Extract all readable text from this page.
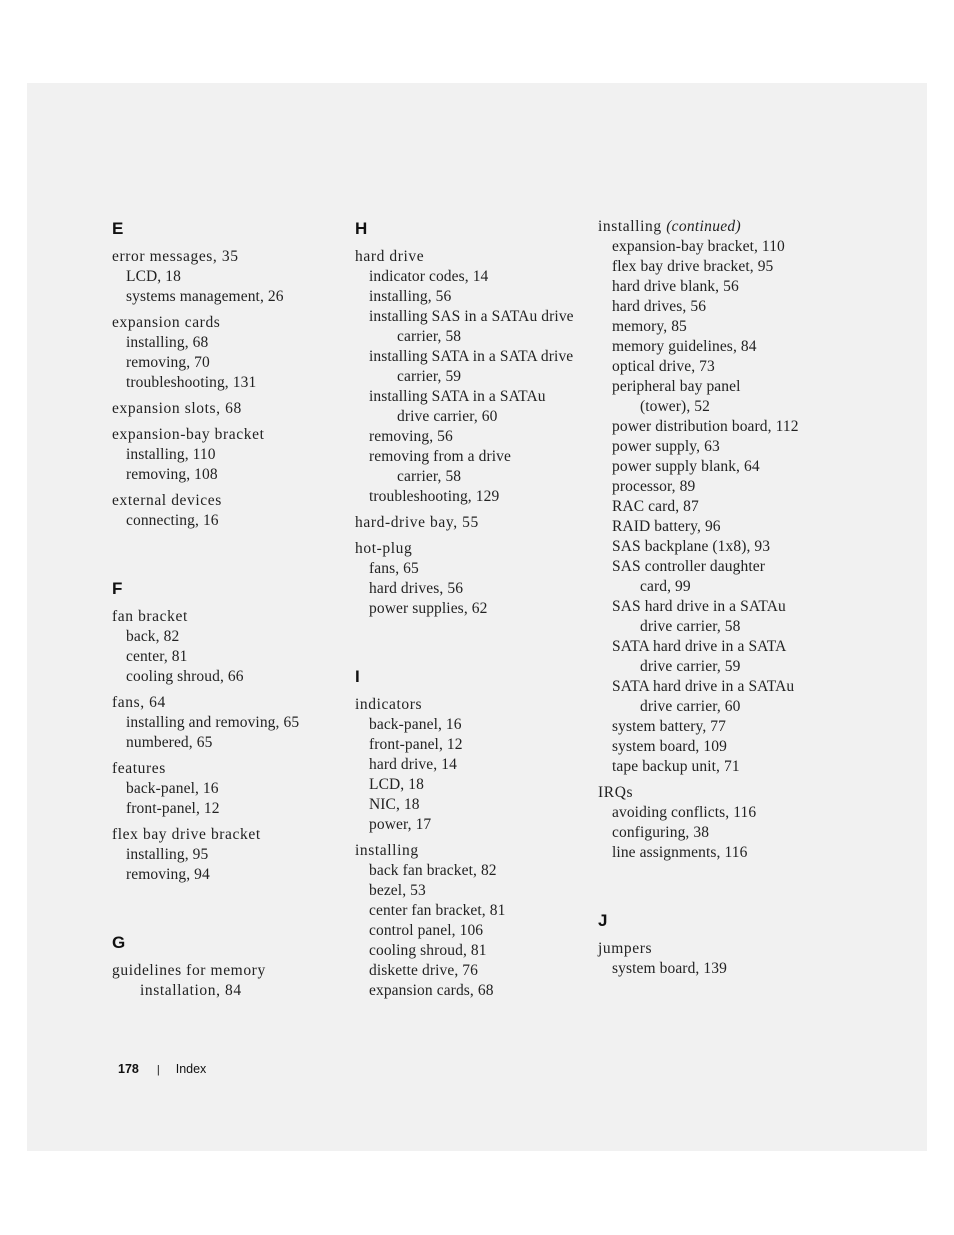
E
error messages, 35
LCD, 18
systems management, 26
expansion cards
installing, 68
removing, 70
troubleshooting, 131
expansion slots, 68
expansion-bay bracket
installing, 110
removing, 108
external devices
connecting, 16
F
fan bracket
back, 82
center, 81
cooling shroud, 66
fans, 64
installing and removing, 65
numbered, 65
features
back-panel, 16
front-panel, 12
flex bay drive bracket
installing, 95
removing, 94
G
guidelines for memory
installation, 84
H
hard drive
indicator codes, 14
installing, 56
installing SAS in a SATAu drive
carrier, 58
installing SATA in a SATA drive
carrier, 59
installing SATA in a SATAu
drive carrier, 60
removing, 56
removing from a drive
carrier, 58
troubleshooting, 129
hard-drive bay, 55
hot-plug
fans, 65
hard drives, 56
power supplies, 62
I
indicators
back-panel, 16
front-panel, 12
hard drive, 14
LCD, 18
NIC, 18
power, 17
installing
back fan bracket, 82
bezel, 53
center fan bracket, 81
control panel, 106
cooling shroud, 81
diskette drive, 76
expansion cards, 68
installing (continued)
expansion-bay bracket, 110
flex bay drive bracket, 95
hard drive blank, 56
hard drives, 56
memory, 85
memory guidelines, 84
optical drive, 73
peripheral bay panel
(tower), 52
power distribution board, 112
power supply, 63
power supply blank, 64
processor, 89
RAC card, 87
RAID battery, 96
SAS backplane (1x8), 93
SAS controller daughter
card, 99
SAS hard drive in a SATAu
drive carrier, 58
SATA hard drive in a SATA
drive carrier, 59
SATA hard drive in a SATAu
drive carrier, 60
system battery, 77
system board, 109
tape backup unit, 71
IRQs
avoiding conflicts, 116
configuring, 38
line assignments, 116
J
jumpers
system board, 139
178 | Index
